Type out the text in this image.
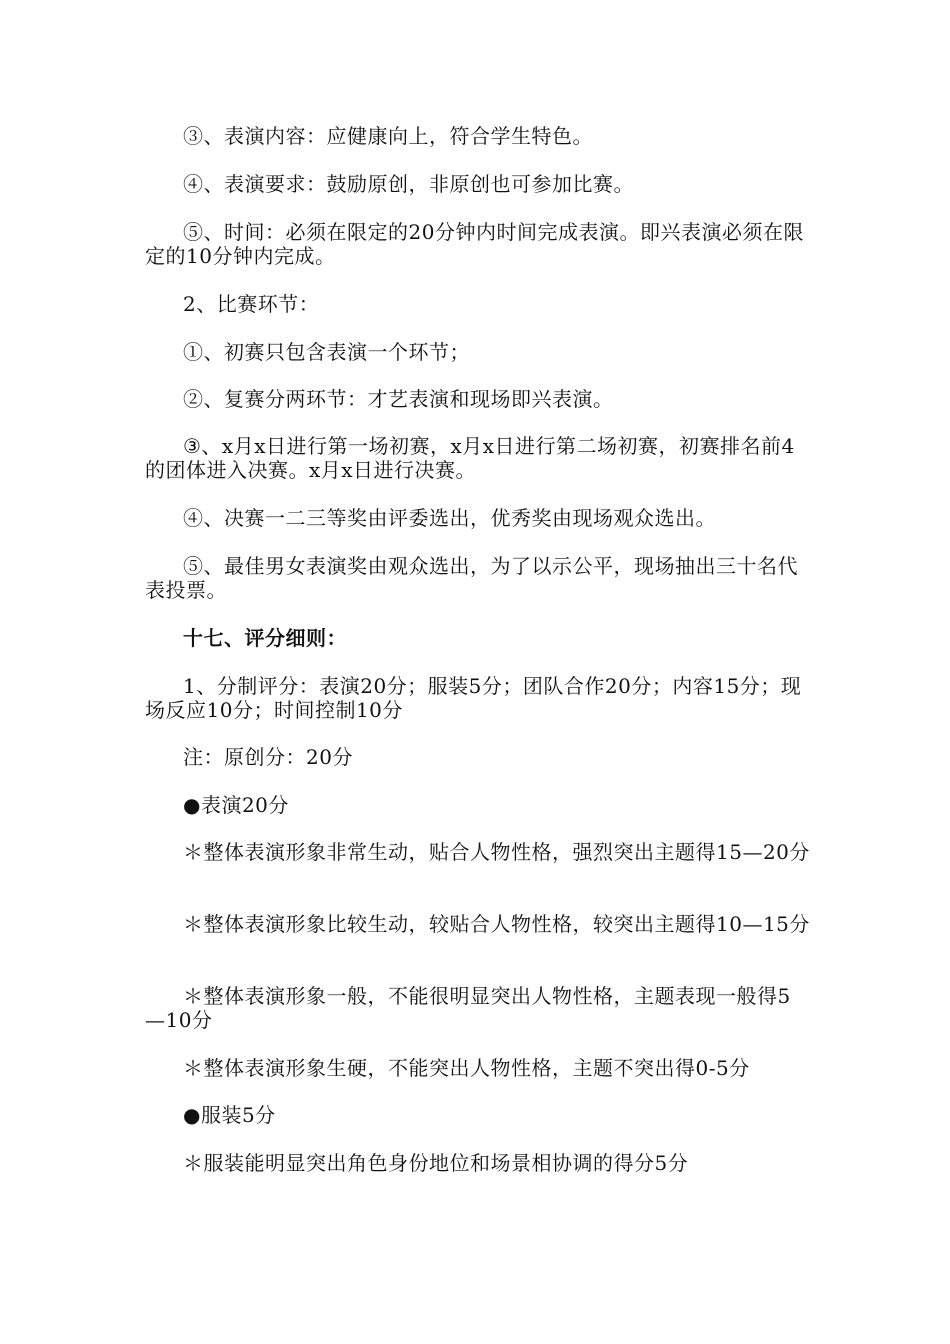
③、表演内容：应健康向上，符合学生特色。

④、表演要求：鼓励原创，非原创也可参加比赛。

⑤、时间：必须在限定的20分钟内时间完成表演。即兴表演必须在限定的10分钟内完成。

2、比赛环节：

①、初赛只包含表演一个环节；

②、复赛分两环节：才艺表演和现场即兴表演。

③、x月x日进行第一场初赛，x月x日进行第二场初赛，初赛排名前4的团体进入决赛。x月x日进行决赛。

④、决赛一二三等奖由评委选出，优秀奖由现场观众选出。

⑤、最佳男女表演奖由观众选出，为了以示公平，现场抽出三十名代表投票。

十七、评分细则：

1、分制评分：表演20分；服装5分；团队合作20分；内容15分；现场反应10分；时间控制10分

注：原创分：20分

●表演20分

＊整体表演形象非常生动，贴合人物性格，强烈突出主题得15—20分

＊整体表演形象比较生动，较贴合人物性格，较突出主题得10—15分

＊整体表演形象一般，不能很明显突出人物性格，主题表现一般得5—10分

＊整体表演形象生硬，不能突出人物性格，主题不突出得0-5分

●服装5分

＊服装能明显突出角色身份地位和场景相协调的得分5分
